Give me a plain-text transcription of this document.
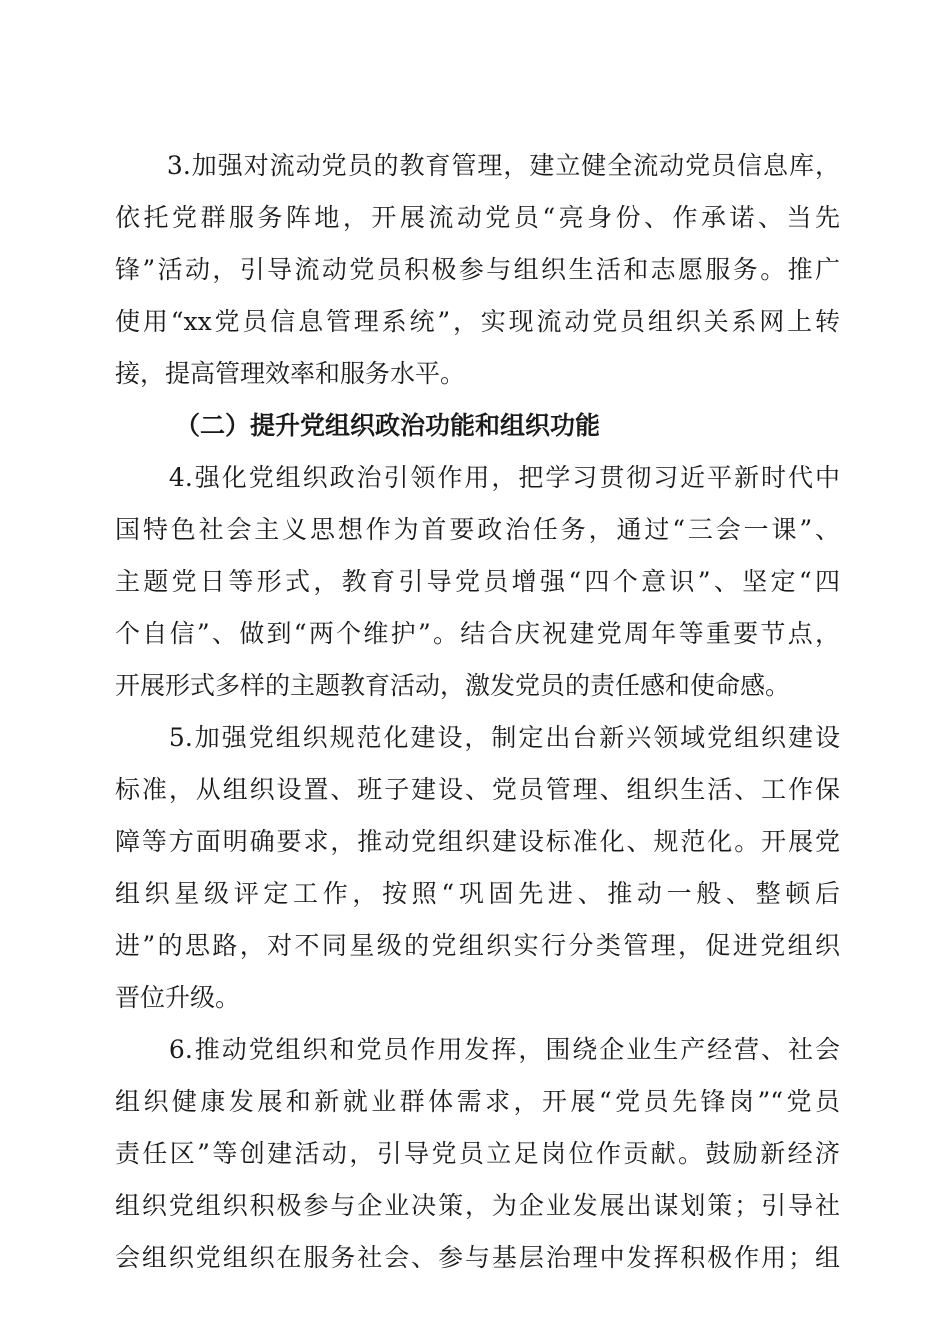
　　3.加强对流动党员的教育管理，建立健全流动党员信息库，
依托党群服务阵地，开展流动党员“亮身份、作承诺、当先
锋”活动，引导流动党员积极参与组织生活和志愿服务。推广
使用“xx党员信息管理系统”，实现流动党员组织关系网上转
接，提高管理效率和服务水平。
（二）提升党组织政治功能和组织功能
　　4.强化党组织政治引领作用，把学习贯彻习近平新时代中
国特色社会主义思想作为首要政治任务，通过“三会一课”、
主题党日等形式，教育引导党员增强“四个意识”、坚定“四
个自信”、做到“两个维护”。结合庆祝建党周年等重要节点，
开展形式多样的主题教育活动，激发党员的责任感和使命感。
　　5.加强党组织规范化建设，制定出台新兴领域党组织建设
标准，从组织设置、班子建设、党员管理、组织生活、工作保
障等方面明确要求，推动党组织建设标准化、规范化。开展党
组织星级评定工作，按照“巩固先进、推动一般、整顿后
进”的思路，对不同星级的党组织实行分类管理，促进党组织
晋位升级。
　　6.推动党组织和党员作用发挥，围绕企业生产经营、社会
组织健康发展和新就业群体需求，开展“党员先锋岗”“党员
责任区”等创建活动，引导党员立足岗位作贡献。鼓励新经济
组织党组织积极参与企业决策，为企业发展出谋划策；引导社
会组织党组织在服务社会、参与基层治理中发挥积极作用；组
